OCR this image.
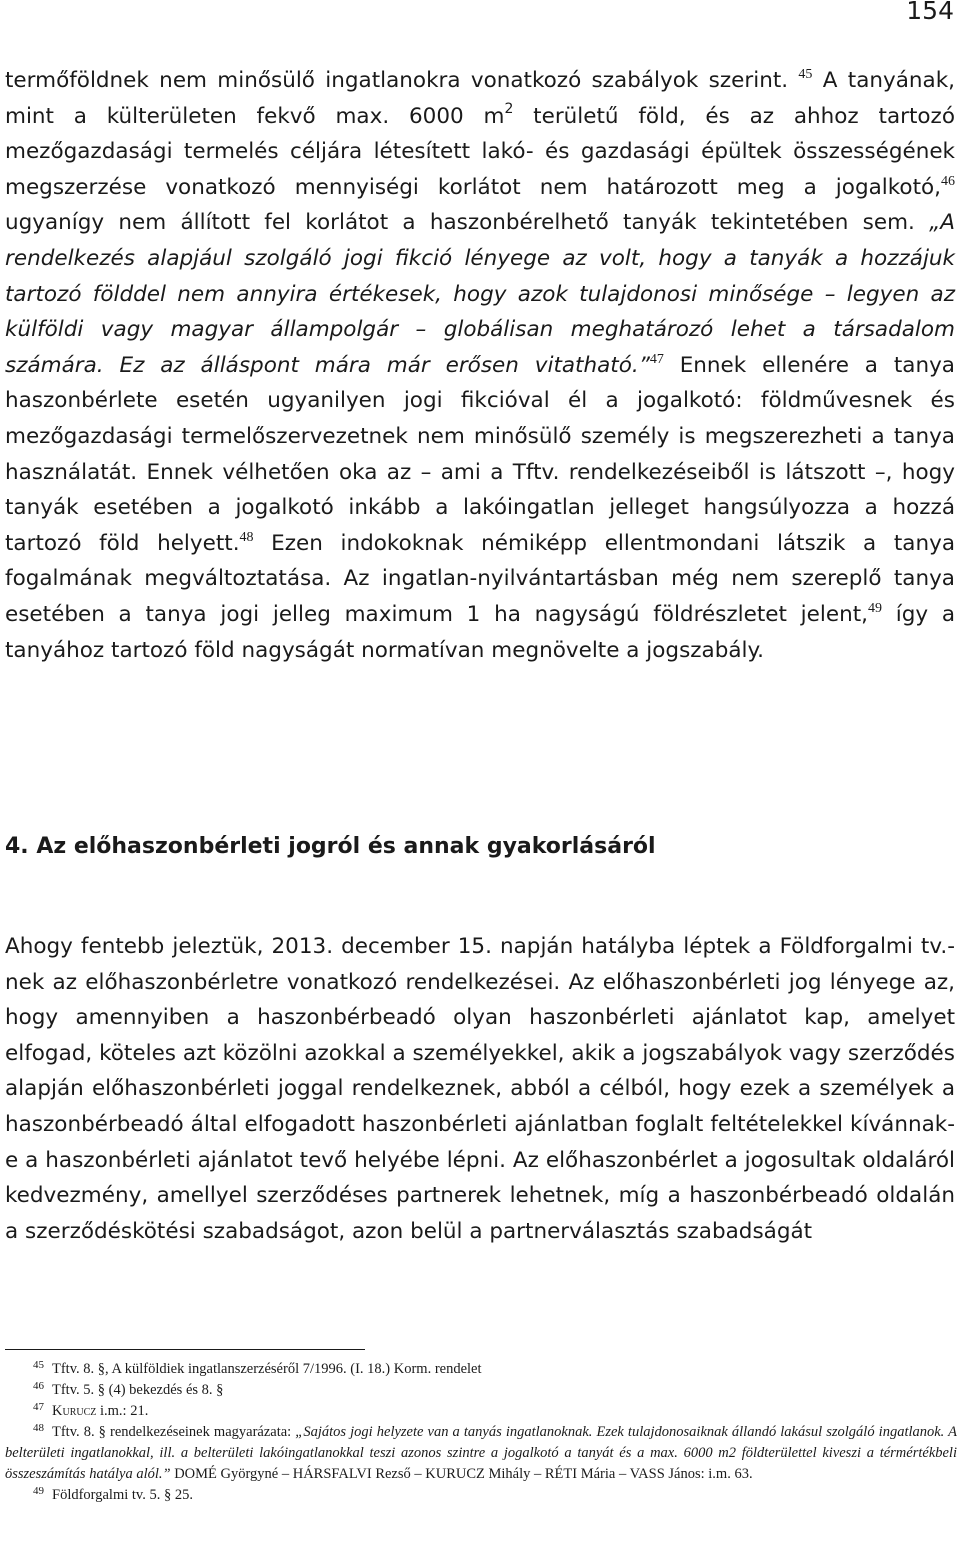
154

termőföldnek nem minősülő ingatlanokra vonatkozó szabályok szerint. $^{45}$ A tanyának, mint a külterületen fekvő max. 6000 $m^2$ területű föld, és az ahhoz tartozó mezőgazdasági termelés céljára létesített lakó- és gazdasági épültek összességének megszerzése vonatkozó mennyiségi korlátot nem határozott meg a jogalkotó,$^{46}$ ugyanígy nem állított fel korlátot a haszonbérelhető tanyák tekintetében sem. „A rendelkezés alapjául szolgáló jogi fikció lényege az volt, hogy a tanyák a hozzájuk tartozó földdel nem annyira értékesek, hogy azok tulajdonosi minősége – legyen az külföldi vagy magyar állampolgár – globálisan meghatározó lehet a társadalom számára. Ez az álláspont mára már erősen vitatható.”$^{47}$ Ennek ellenére a tanya haszonbérlete esetén ugyanilyen jogi fikcióval él a jogalkotó: földművesnek és mezőgazdasági termelőszervezetnek nem minősülő személy is megszerezheti a tanya használatát. Ennek vélhetően oka az – ami a Tftv. rendelkezéseiből is látszott –, hogy tanyák esetében a jogalkotó inkább a lakóingatlan jelleget hangsúlyozza a hozzá tartozó föld helyett.$^{48}$ Ezen indokoknak némiképp ellentmondani látszik a tanya fogalmának megváltoztatása. Az ingatlan-nyilvántartásban még nem szereplő tanya esetében a tanya jogi jelleg maximum 1 ha nagyságú földrészletet jelent,$^{49}$ így a tanyához tartozó föld nagyságát normatívan megnövelte a jogszabály.

4. Az előhaszonbérleti jogról és annak gyakorlásáról

Ahogy fentebb jeleztük, 2013. december 15. napján hatályba léptek a Földforgalmi tv.-nek az előhaszonbérletre vonatkozó rendelkezései. Az előhaszonbérleti jog lényege az, hogy amennyiben a haszonbérbeadó olyan haszonbérleti ajánlatot kap, amelyet elfogad, köteles azt közölni azokkal a személyekkel, akik a jogszabályok vagy szerződés alapján előhaszonbérleti joggal rendelkeznek, abból a célból, hogy ezek a személyek a haszonbérbeadó által elfogadott haszonbérleti ajánlatban foglalt feltételekkel kívánnak-e a haszonbérleti ajánlatot tevő helyébe lépni. Az előhaszonbérlet a jogosultak oldaláról kedvezmény, amellyel szerződéses partnerek lehetnek, míg a haszonbérbeadó oldalán a szerződéskötési szabadságot, azon belül a partnerválasztás szabadságát

$^{45}$ Tftv. 8. §, A külföldiek ingatlanszerzéséről 7/1996. (I. 18.) Korm. rendelet

$^{46}$ Tftv. 5. § (4) bekezdés és 8. §

$^{47}$ Kurucz i.m.: 21.

$^{48}$ Tftv. 8. § rendelkezéseinek magyarázata: „Sajátos jogi helyzete van a tanyás ingatlanoknak. Ezek tulajdonosaiknak állandó lakásul szolgáló ingatlanok. A belterületi ingatlanokkal, ill. a belterületi lakóingatlanokkal teszi azonos szintre a jogalkotó a tanyát és a max. 6000 m2 földterülettel kiveszi a térmértékbeli összeszámítás hatálya alól.” DOMÉ Györgyné – HÁRSFALVI Rezső – KURUCZ Mihály – RÉTI Mária – VASS János: i.m. 63.

$^{49}$ Földforgalmi tv. 5. § 25.
